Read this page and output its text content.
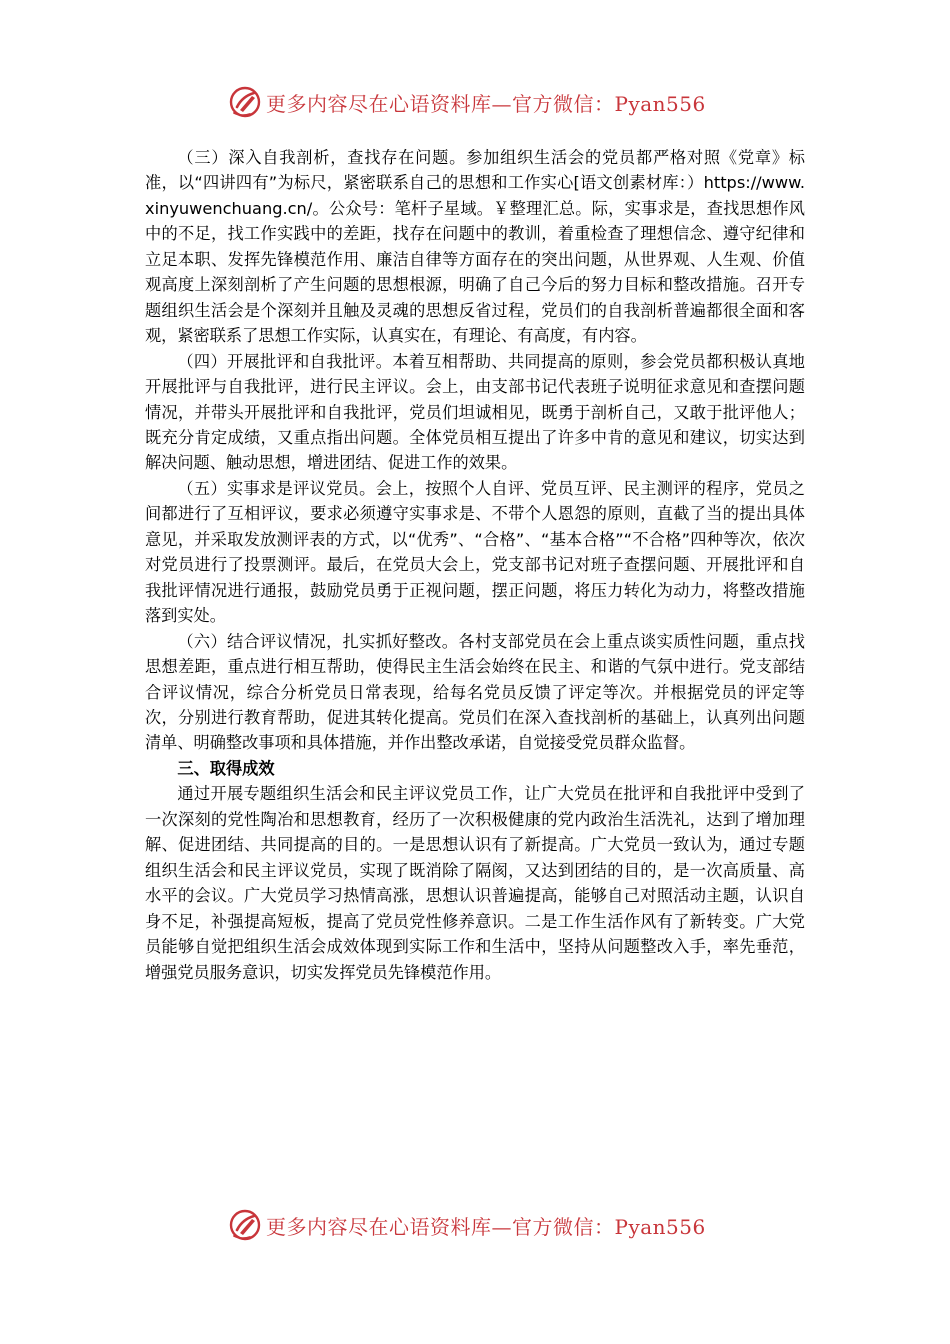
更多内容尽在心语资料库—官方微信：Pyan556

（三）深入自我剖析，查找存在问题。参加组织生活会的党员都严格对照《党章》标准，以“四讲四有”为标尺，紧密联系自己的思想和工作实心[语文创素材库：）https://www.xinyuwenchuang.cn/。公众号：笔杆子星域。￥整理汇总。际，实事求是，查找思想作风中的不足，找工作实践中的差距，找存在问题中的教训，着重检查了理想信念、遵守纪律和立足本职、发挥先锋模范作用、廉洁自律等方面存在的突出问题，从世界观、人生观、价值观高度上深刻剖析了产生问题的思想根源，明确了自己今后的努力目标和整改措施。召开专题组织生活会是个深刻并且触及灵魂的思想反省过程，党员们的自我剖析普遍都很全面和客观，紧密联系了思想工作实际，认真实在，有理论、有高度，有内容。

（四）开展批评和自我批评。本着互相帮助、共同提高的原则，参会党员都积极认真地开展批评与自我批评，进行民主评议。会上，由支部书记代表班子说明征求意见和查摆问题情况，并带头开展批评和自我批评，党员们坦诚相见，既勇于剖析自己，又敢于批评他人；既充分肯定成绩，又重点指出问题。全体党员相互提出了许多中肯的意见和建议，切实达到解决问题、触动思想，增进团结、促进工作的效果。

（五）实事求是评议党员。会上，按照个人自评、党员互评、民主测评的程序，党员之间都进行了互相评议，要求必须遵守实事求是、不带个人恩怨的原则，直截了当的提出具体意见，并采取发放测评表的方式，以“优秀”、“合格”、“基本合格”“不合格”四种等次，依次对党员进行了投票测评。最后，在党员大会上，党支部书记对班子查摆问题、开展批评和自我批评情况进行通报，鼓励党员勇于正视问题，摆正问题，将压力转化为动力，将整改措施落到实处。

（六）结合评议情况，扎实抓好整改。各村支部党员在会上重点谈实质性问题，重点找思想差距，重点进行相互帮助，使得民主生活会始终在民主、和谐的气氛中进行。党支部结合评议情况，综合分析党员日常表现，给每名党员反馈了评定等次。并根据党员的评定等次，分别进行教育帮助，促进其转化提高。党员们在深入查找剖析的基础上，认真列出问题清单、明确整改事项和具体措施，并作出整改承诺，自觉接受党员群众监督。

三、取得成效

通过开展专题组织生活会和民主评议党员工作，让广大党员在批评和自我批评中受到了一次深刻的党性陶冶和思想教育，经历了一次积极健康的党内政治生活洗礼，达到了增加理解、促进团结、共同提高的目的。一是思想认识有了新提高。广大党员一致认为，通过专题组织生活会和民主评议党员，实现了既消除了隔阂，又达到团结的目的，是一次高质量、高水平的会议。广大党员学习热情高涨，思想认识普遍提高，能够自己对照活动主题，认识自身不足，补强提高短板，提高了党员党性修养意识。二是工作生活作风有了新转变。广大党员能够自觉把组织生活会成效体现到实际工作和生活中，坚持从问题整改入手，率先垂范，增强党员服务意识，切实发挥党员先锋模范作用。

更多内容尽在心语资料库—官方微信：Pyan556
